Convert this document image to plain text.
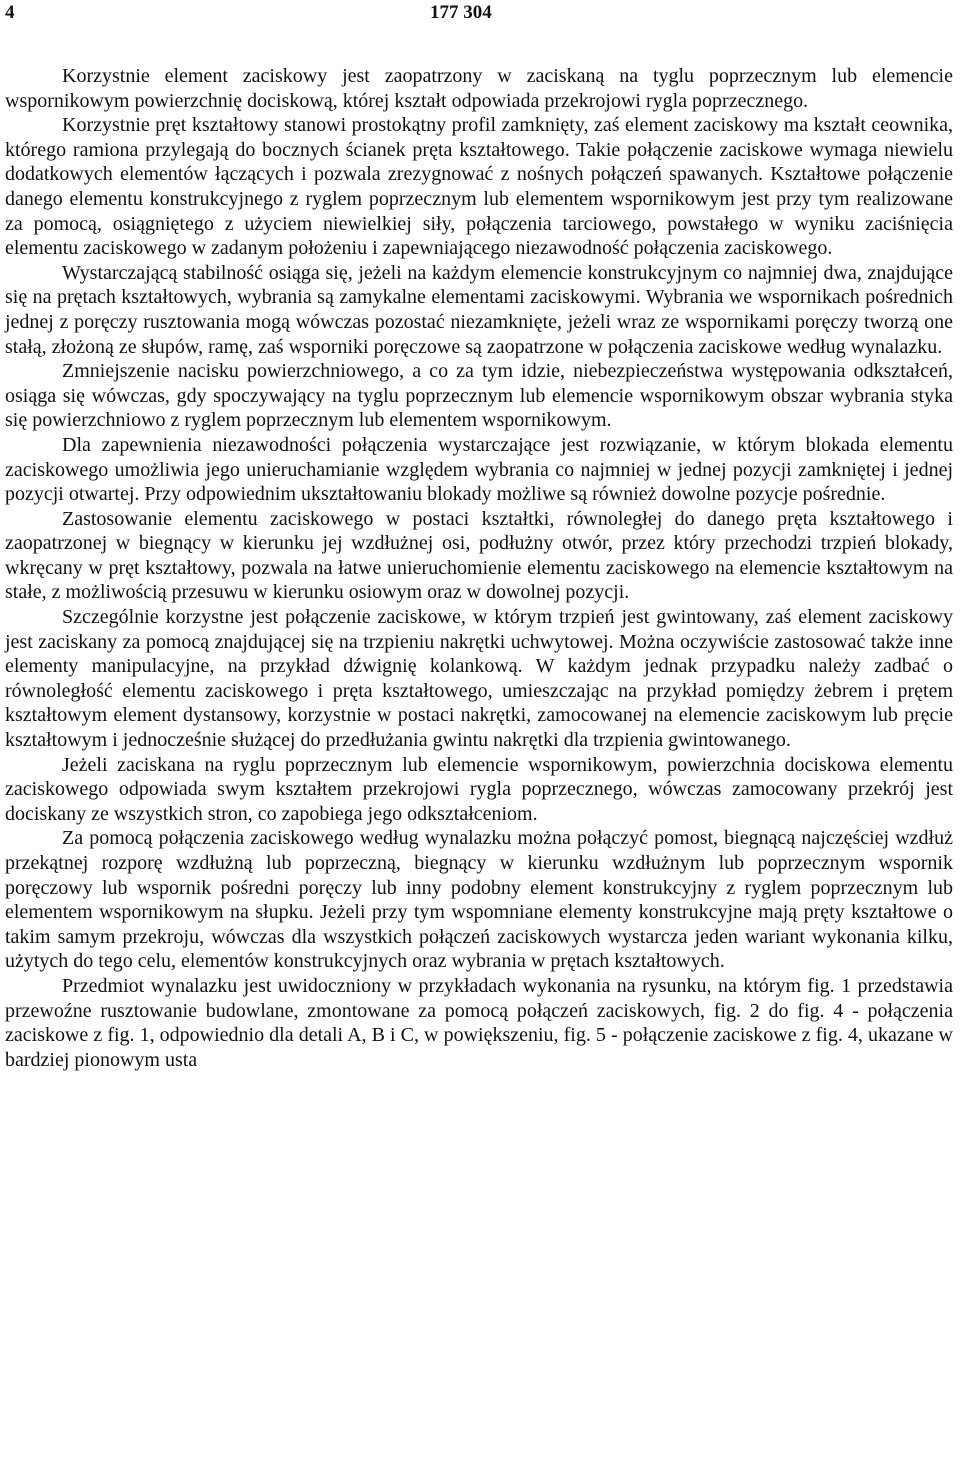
4	177 304

Korzystnie element zaciskowy jest zaopatrzony w zaciskaną na tyglu poprzecznym lub elemencie wspornikowym powierzchnię dociskową, której kształt odpowiada przekrojowi rygla poprzecznego.

Korzystnie pręt kształtowy stanowi prostokątny profil zamknięty, zaś element zaciskowy ma kształt ceownika, którego ramiona przylegają do bocznych ścianek pręta kształtowego. Takie połączenie zaciskowe wymaga niewielu dodatkowych elementów łączących i pozwala zrezygnować z nośnych połączeń spawanych. Kształtowe połączenie danego elementu konstrukcyjnego z ryglem poprzecznym lub elementem wspornikowym jest przy tym realizowane za pomocą, osiągniętego z użyciem niewielkiej siły, połączenia tarciowego, powstałego w wyniku zaciśnięcia elementu zaciskowego w zadanym położeniu i zapewniającego niezawodność połączenia zaciskowego.

Wystarczającą stabilność osiąga się, jeżeli na każdym elemencie konstrukcyjnym co najmniej dwa, znajdujące się na prętach kształtowych, wybrania są zamykalne elementami zaciskowymi. Wybrania we wspornikach pośrednich jednej z poręczy rusztowania mogą wówczas pozostać niezamknięte, jeżeli wraz ze wspornikami poręczy tworzą one stałą, złożoną ze słupów, ramę, zaś wsporniki poręczowe są zaopatrzone w połączenia zaciskowe według wynalazku.

Zmniejszenie nacisku powierzchniowego, a co za tym idzie, niebezpieczeństwa występowania odkształceń, osiąga się wówczas, gdy spoczywający na tyglu poprzecznym lub elemencie wspornikowym obszar wybrania styka się powierzchniowo z ryglem poprzecznym lub elementem wspornikowym.

Dla zapewnienia niezawodności połączenia wystarczające jest rozwiązanie, w którym blokada elementu zaciskowego umożliwia jego unieruchamianie względem wybrania co najmniej w jednej pozycji zamkniętej i jednej pozycji otwartej. Przy odpowiednim ukształtowaniu blokady możliwe są również dowolne pozycje pośrednie.

Zastosowanie elementu zaciskowego w postaci kształtki, równoległej do danego pręta kształtowego i zaopatrzonej w biegnący w kierunku jej wzdłużnej osi, podłużny otwór, przez który przechodzi trzpień blokady, wkręcany w pręt kształtowy, pozwala na łatwe unieruchomienie elementu zaciskowego na elemencie kształtowym na stałe, z możliwością przesuwu w kierunku osiowym oraz w dowolnej pozycji.

Szczególnie korzystne jest połączenie zaciskowe, w którym trzpień jest gwintowany, zaś element zaciskowy jest zaciskany za pomocą znajdującej się na trzpieniu nakrętki uchwytowej. Można oczywiście zastosować także inne elementy manipulacyjne, na przykład dźwignię kolankową. W każdym jednak przypadku należy zadbać o równoległość elementu zaciskowego i pręta kształtowego, umieszczając na przykład pomiędzy żebrem i prętem kształtowym element dystansowy, korzystnie w postaci nakrętki, zamocowanej na elemencie zaciskowym lub pręcie kształtowym i jednocześnie służącej do przedłużania gwintu nakrętki dla trzpienia gwintowanego.

Jeżeli zaciskana na ryglu poprzecznym lub elemencie wspornikowym, powierzchnia dociskowa elementu zaciskowego odpowiada swym kształtem przekrojowi rygla poprzecznego, wówczas zamocowany przekrój jest dociskany ze wszystkich stron, co zapobiega jego odkształceniom.

Za pomocą połączenia zaciskowego według wynalazku można połączyć pomost, biegnącą najczęściej wzdłuż przekątnej rozporę wzdłużną lub poprzeczną, biegnący w kierunku wzdłużnym lub poprzecznym wspornik poręczowy lub wspornik pośredni poręczy lub inny podobny element konstrukcyjny z ryglem poprzecznym lub elementem wspornikowym na słupku. Jeżeli przy tym wspomniane elementy konstrukcyjne mają pręty kształtowe o takim samym przekroju, wówczas dla wszystkich połączeń zaciskowych wystarcza jeden wariant wykonania kilku, użytych do tego celu, elementów konstrukcyjnych oraz wybrania w prętach kształtowych.

Przedmiot wynalazku jest uwidoczniony w przykładach wykonania na rysunku, na którym fig. 1 przedstawia przewoźne rusztowanie budowlane, zmontowane za pomocą połączeń zaciskowych, fig. 2 do fig. 4 - połączenia zaciskowe z fig. 1, odpowiednio dla detali A, B i C, w powiększeniu, fig. 5 - połączenie zaciskowe z fig. 4, ukazane w bardziej pionowym usta
